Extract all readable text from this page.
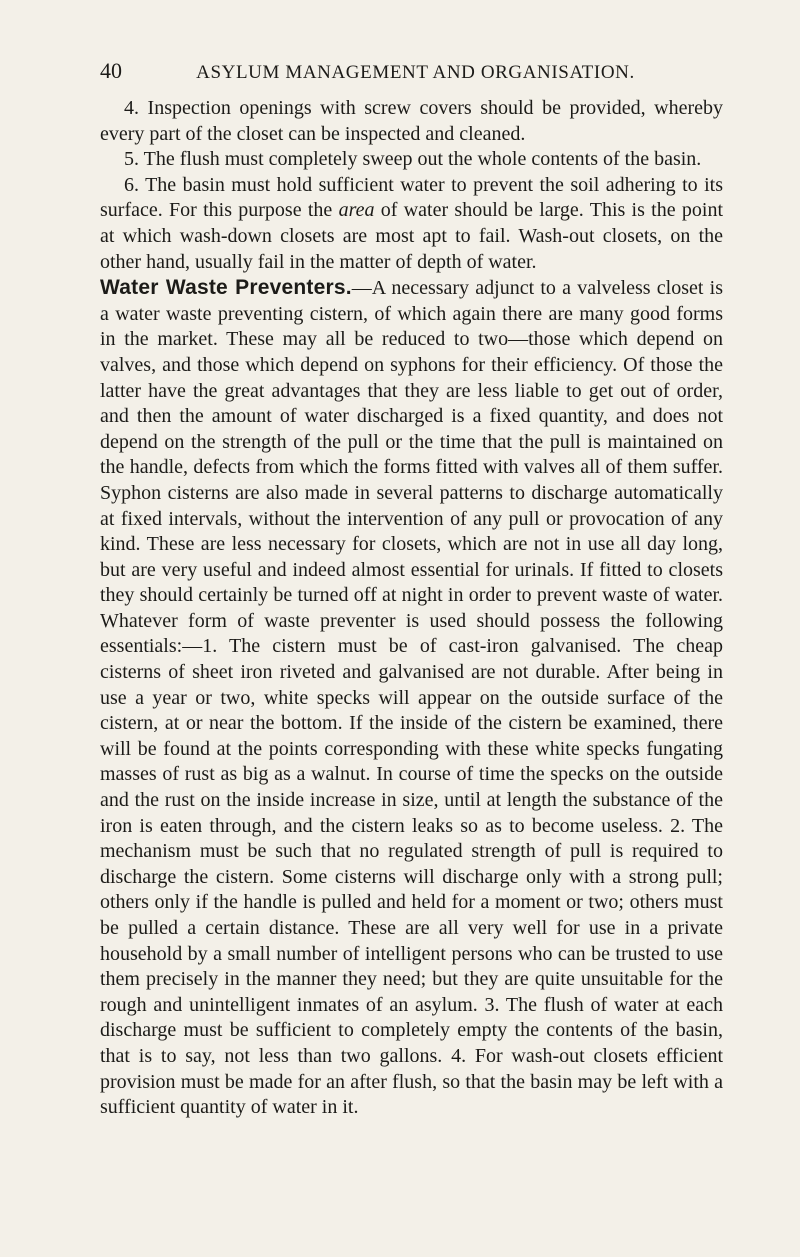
40	ASYLUM MANAGEMENT AND ORGANISATION.

4. Inspection openings with screw covers should be provided, whereby every part of the closet can be inspected and cleaned.

5. The flush must completely sweep out the whole contents of the basin.

6. The basin must hold sufficient water to prevent the soil adhering to its surface. For this purpose the area of water should be large. This is the point at which wash-down closets are most apt to fail. Wash-out closets, on the other hand, usually fail in the matter of depth of water.

Water Waste Preventers.—A necessary adjunct to a valveless closet is a water waste preventing cistern, of which again there are many good forms in the market. These may all be reduced to two—those which depend on valves, and those which depend on syphons for their efficiency. Of those the latter have the great advantages that they are less liable to get out of order, and then the amount of water discharged is a fixed quantity, and does not depend on the strength of the pull or the time that the pull is maintained on the handle, defects from which the forms fitted with valves all of them suffer. Syphon cisterns are also made in several patterns to discharge automatically at fixed intervals, without the intervention of any pull or provocation of any kind. These are less necessary for closets, which are not in use all day long, but are very useful and indeed almost essential for urinals. If fitted to closets they should certainly be turned off at night in order to prevent waste of water. Whatever form of waste preventer is used should possess the following essentials:—1. The cistern must be of cast-iron galvanised. The cheap cisterns of sheet iron riveted and galvanised are not durable. After being in use a year or two, white specks will appear on the outside surface of the cistern, at or near the bottom. If the inside of the cistern be examined, there will be found at the points corresponding with these white specks fungating masses of rust as big as a walnut. In course of time the specks on the outside and the rust on the inside increase in size, until at length the substance of the iron is eaten through, and the cistern leaks so as to become useless. 2. The mechanism must be such that no regulated strength of pull is required to discharge the cistern. Some cisterns will discharge only with a strong pull; others only if the handle is pulled and held for a moment or two; others must be pulled a certain distance. These are all very well for use in a private household by a small number of intelligent persons who can be trusted to use them precisely in the manner they need; but they are quite unsuitable for the rough and unintelligent inmates of an asylum. 3. The flush of water at each discharge must be sufficient to completely empty the contents of the basin, that is to say, not less than two gallons. 4. For wash-out closets efficient provision must be made for an after flush, so that the basin may be left with a sufficient quantity of water in it.
